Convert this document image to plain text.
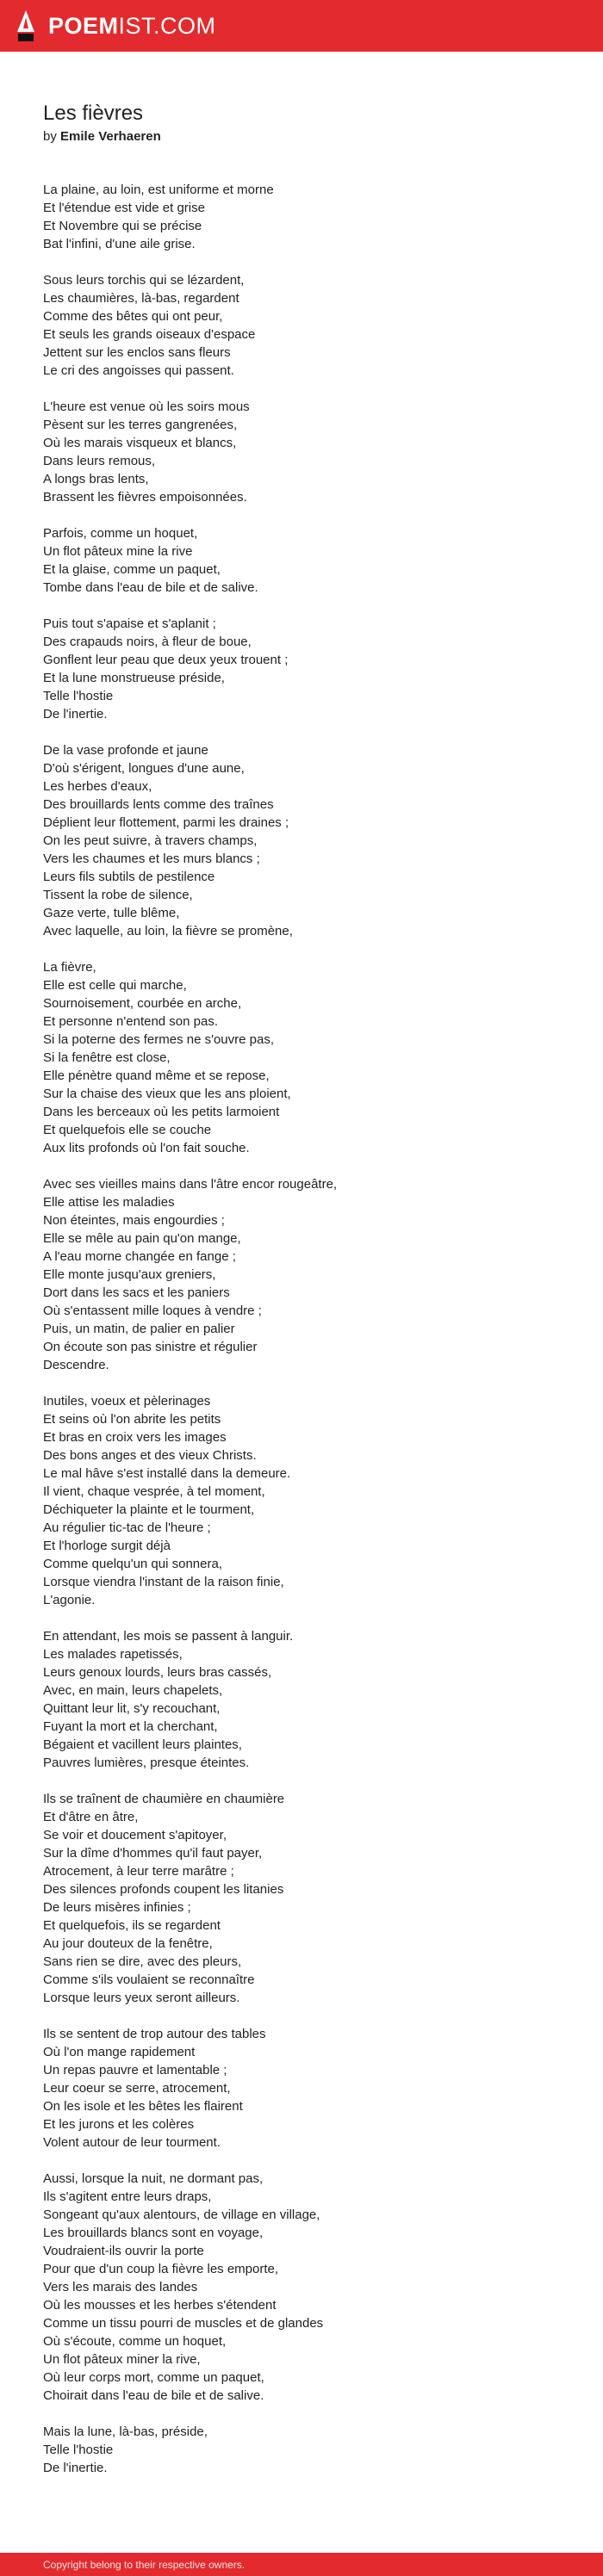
POEMIST.COM
Les fièvres
by Emile Verhaeren
La plaine, au loin, est uniforme et morne
Et l'étendue est vide et grise
Et Novembre qui se précise
Bat l'infini, d'une aile grise.
Sous leurs torchis qui se lézardent,
Les chaumières, là-bas, regardent
Comme des bêtes qui ont peur,
Et seuls les grands oiseaux d'espace
Jettent sur les enclos sans fleurs
Le cri des angoisses qui passent.
L'heure est venue où les soirs mous
Pèsent sur les terres gangrenées,
Où les marais visqueux et blancs,
Dans leurs remous,
A longs bras lents,
Brassent les fièvres empoisonnées.
Parfois, comme un hoquet,
Un flot pâteux mine la rive
Et la glaise, comme un paquet,
Tombe dans l'eau de bile et de salive.
Puis tout s'apaise et s'aplanit ;
Des crapauds noirs, à fleur de boue,
Gonflent leur peau que deux yeux trouent ;
Et la lune monstrueuse préside,
Telle l'hostie
De l'inertie.
De la vase profonde et jaune
D'où s'érigent, longues d'une aune,
Les herbes d'eaux,
Des brouillards lents comme des traînes
Déplient leur flottement, parmi les draines ;
On les peut suivre, à travers champs,
Vers les chaumes et les murs blancs ;
Leurs fils subtils de pestilence
Tissent la robe de silence,
Gaze verte, tulle blême,
Avec laquelle, au loin, la fièvre se promène,
La fièvre,
Elle est celle qui marche,
Sournoisement, courbée en arche,
Et personne n'entend son pas.
Si la poterne des fermes ne s'ouvre pas,
Si la fenêtre est close,
Elle pénètre quand même et se repose,
Sur la chaise des vieux que les ans ploient,
Dans les berceaux où les petits larmoient
Et quelquefois elle se couche
Aux lits profonds où l'on fait souche.
Avec ses vieilles mains dans l'âtre encor rougeâtre,
Elle attise les maladies
Non éteintes, mais engourdies ;
Elle se mêle au pain qu'on mange,
A l'eau morne changée en fange ;
Elle monte jusqu'aux greniers,
Dort dans les sacs et les paniers
Où s'entassent mille loques à vendre ;
Puis, un matin, de palier en palier
On écoute son pas sinistre et régulier
Descendre.
Inutiles, voeux et pèlerinages
Et seins où l'on abrite les petits
Et bras en croix vers les images
Des bons anges et des vieux Christs.
Le mal hâve s'est installé dans la demeure.
Il vient, chaque vesprée, à tel moment,
Déchiqueter la plainte et le tourment,
Au régulier tic-tac de l'heure ;
Et l'horloge surgit déjà
Comme quelqu'un qui sonnera,
Lorsque viendra l'instant de la raison finie,
L'agonie.
En attendant, les mois se passent à languir.
Les malades rapetissés,
Leurs genoux lourds, leurs bras cassés,
Avec, en main, leurs chapelets,
Quittant leur lit, s'y recouchant,
Fuyant la mort et la cherchant,
Bégaient et vacillent leurs plaintes,
Pauvres lumières, presque éteintes.
Ils se traînent de chaumière en chaumière
Et d'âtre en âtre,
Se voir et doucement s'apitoyer,
Sur la dîme d'hommes qu'il faut payer,
Atrocement, à leur terre marâtre ;
Des silences profonds coupent les litanies
De leurs misères infinies ;
Et quelquefois, ils se regardent
Au jour douteux de la fenêtre,
Sans rien se dire, avec des pleurs,
Comme s'ils voulaient se reconnaître
Lorsque leurs yeux seront ailleurs.
Ils se sentent de trop autour des tables
Où l'on mange rapidement
Un repas pauvre et lamentable ;
Leur coeur se serre, atrocement,
On les isole et les bêtes les flairent
Et les jurons et les colères
Volent autour de leur tourment.
Aussi, lorsque la nuit, ne dormant pas,
Ils s'agitent entre leurs draps,
Songeant qu'aux alentours, de village en village,
Les brouillards blancs sont en voyage,
Voudraient-ils ouvrir la porte
Pour que d'un coup la fièvre les emporte,
Vers les marais des landes
Où les mousses et les herbes s'étendent
Comme un tissu pourri de muscles et de glandes
Où s'écoute, comme un hoquet,
Un flot pâteux miner la rive,
Où leur corps mort, comme un paquet,
Choirait dans l'eau de bile et de salive.
Mais la lune, là-bas, préside,
Telle l'hostie
De l'inertie.
Copyright belong to their respective owners.
